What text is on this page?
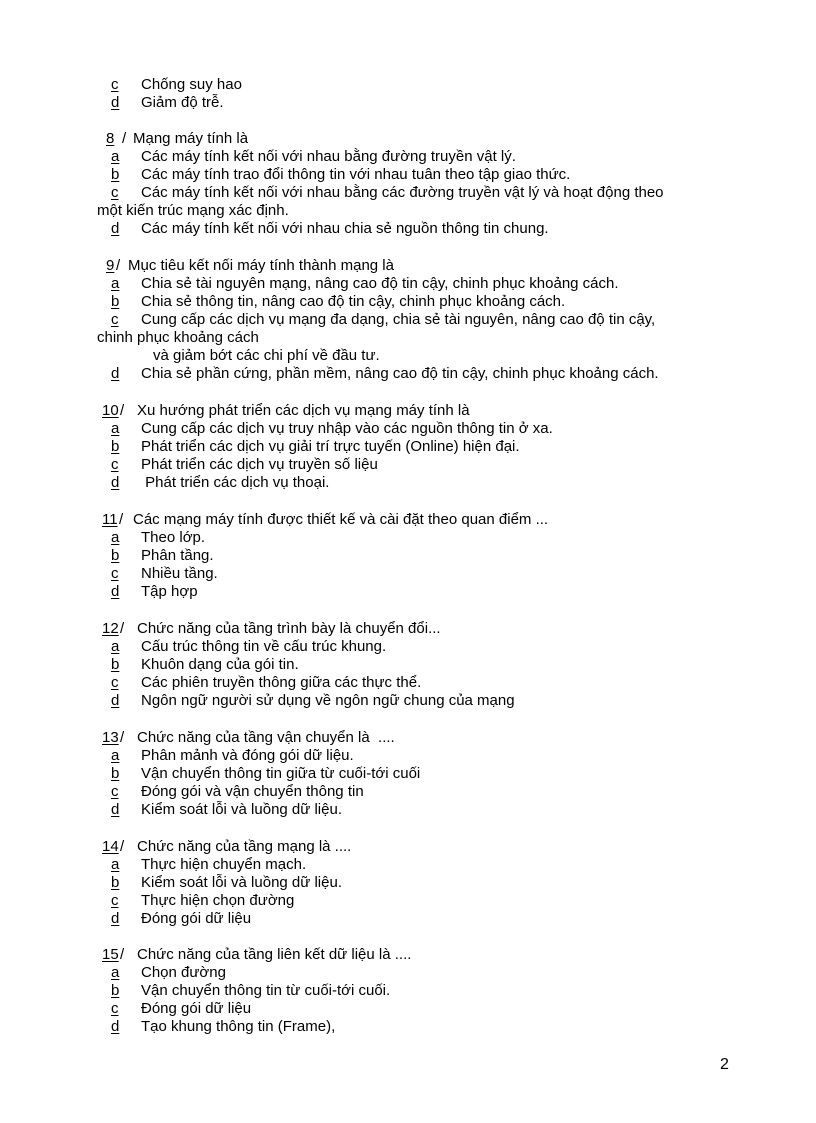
c Chống suy hao
d Giảm độ trễ.
8 / Mạng máy tính là
a Các máy tính kết nối với nhau bằng đường truyền vật lý.
b Các máy tính trao đổi thông tin với nhau tuân theo tập giao thức.
c Các máy tính kết nối với nhau bằng các đường truyền vật lý và hoạt động theo
một kiến trúc mạng xác định.
d Các máy tính kết nối với nhau chia sẻ nguồn thông tin chung.
9 / Mục tiêu kết nối máy tính thành mạng là
a Chia sẻ tài nguyên mạng, nâng cao độ tin cậy, chinh phục khoảng cách.
b Chia sẻ thông tin, nâng cao độ tin cậy, chinh phục khoảng cách.
c Cung cấp các dịch vụ mạng đa dạng, chia sẻ tài nguyên, nâng cao độ tin cậy,
chinh phục khoảng cách
và giảm bớt các chi phí về đầu tư.
d Chia sẻ phần cứng, phần mềm, nâng cao độ tin cậy, chinh phục khoảng cách.
10 / Xu hướng phát triển các dịch vụ mạng máy tính là
a Cung cấp các dịch vụ truy nhập vào các nguồn thông tin ở xa.
b Phát triển các dịch vụ giải trí trực tuyến (Online) hiện đại.
c Phát triển các dịch vụ truyền số liệu
d Phát triển các dịch vụ thoại.
11 / Các mạng máy tính được thiết kế và cài đặt theo quan điểm ...
a Theo lớp.
b Phân tầng.
c Nhiều tầng.
d Tập hợp
12 / Chức năng của tầng trình bày là chuyển đổi...
a Cấu trúc thông tin về cấu trúc khung.
b Khuôn dạng của gói tin.
c Các phiên truyền thông giữa các thực thể.
d Ngôn ngữ người sử dụng về ngôn ngữ chung của mạng
13 / Chức năng của tầng vận chuyển là  ....
a Phân mảnh và đóng gói dữ liệu.
b Vận chuyển thông tin giữa từ cuối-tới cuối
c Đóng gói và vận chuyển thông tin
d Kiểm soát lỗi và luồng dữ liệu.
14 / Chức năng của tầng mạng là ....
a Thực hiện chuyển mạch.
b Kiểm soát lỗi và luồng dữ liệu.
c Thực hiện chọn đường
d Đóng gói dữ liệu
15 / Chức năng của tầng liên kết dữ liệu là ....
a Chọn đường
b Vận chuyển thông tin từ cuối-tới cuối.
c Đóng gói dữ liệu
d Tạo khung thông tin (Frame),
2
